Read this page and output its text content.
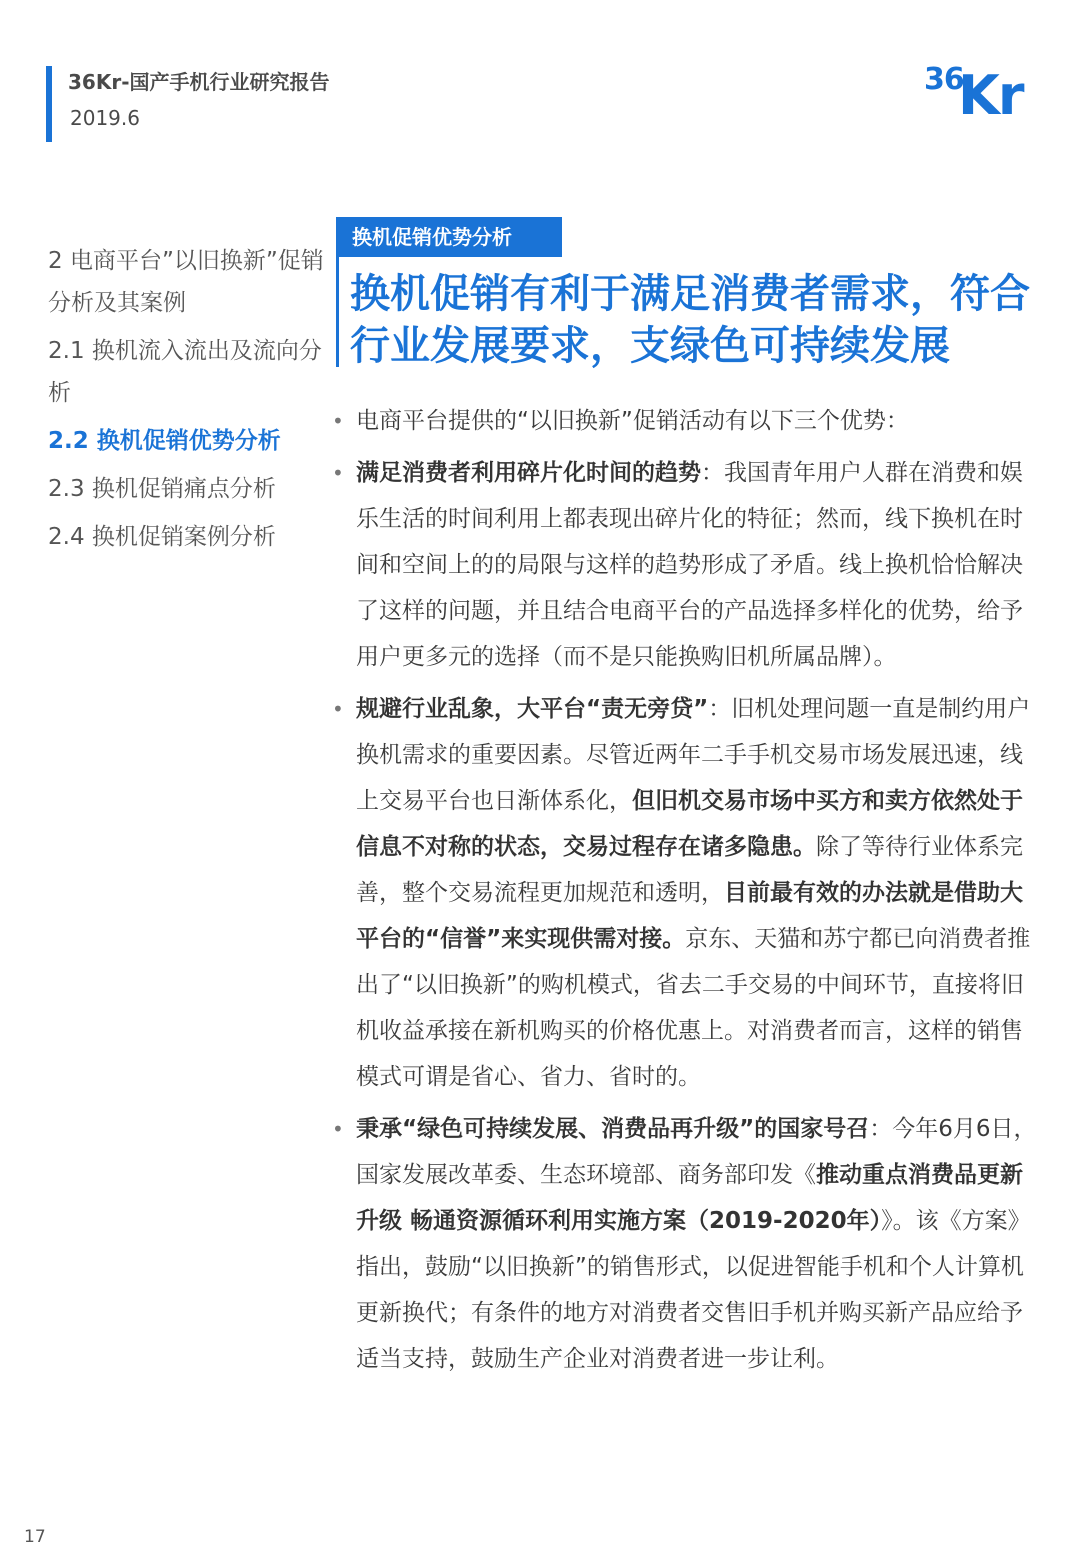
36Kr-国产手机行业研究报告
2019.6
36
Kr
2 电商平台”以旧换新”促销分析及其案例
2.1 换机流入流出及流向分析
2.2 换机促销优势分析
2.3 换机促销痛点分析
2.4 换机促销案例分析
换机促销优势分析
换机促销有利于满足消费者需求，符合行业发展要求，支绿色可持续发展
• 电商平台提供的“以旧换新”促销活动有以下三个优势：
• 满足消费者利用碎片化时间的趋势：我国青年用户人群在消费和娱乐生活的时间利用上都表现出碎片化的特征；然而，线下换机在时间和空间上的的局限与这样的趋势形成了矛盾。线上换机恰恰解决了这样的问题，并且结合电商平台的产品选择多样化的优势，给予用户更多元的选择（而不是只能换购旧机所属品牌）。
• 规避行业乱象，大平台“责无旁贷”：旧机处理问题一直是制约用户换机需求的重要因素。尽管近两年二手手机交易市场发展迅速，线上交易平台也日渐体系化，但旧机交易市场中买方和卖方依然处于信息不对称的状态，交易过程存在诸多隐患。除了等待行业体系完善，整个交易流程更加规范和透明，目前最有效的办法就是借助大平台的“信誉”来实现供需对接。京东、天猫和苏宁都已向消费者推出了“以旧换新”的购机模式，省去二手交易的中间环节，直接将旧机收益承接在新机购买的价格优惠上。对消费者而言，这样的销售模式可谓是省心、省力、省时的。
• 秉承“绿色可持续发展、消费品再升级”的国家号召：今年6月6日，国家发展改革委、生态环境部、商务部印发《推动重点消费品更新升级 畅通资源循环利用实施方案（2019-2020年）》。该《方案》指出，鼓励“以旧换新”的销售形式，以促进智能手机和个人计算机更新换代；有条件的地方对消费者交售旧手机并购买新产品应给予适当支持，鼓励生产企业对消费者进一步让利。
17
